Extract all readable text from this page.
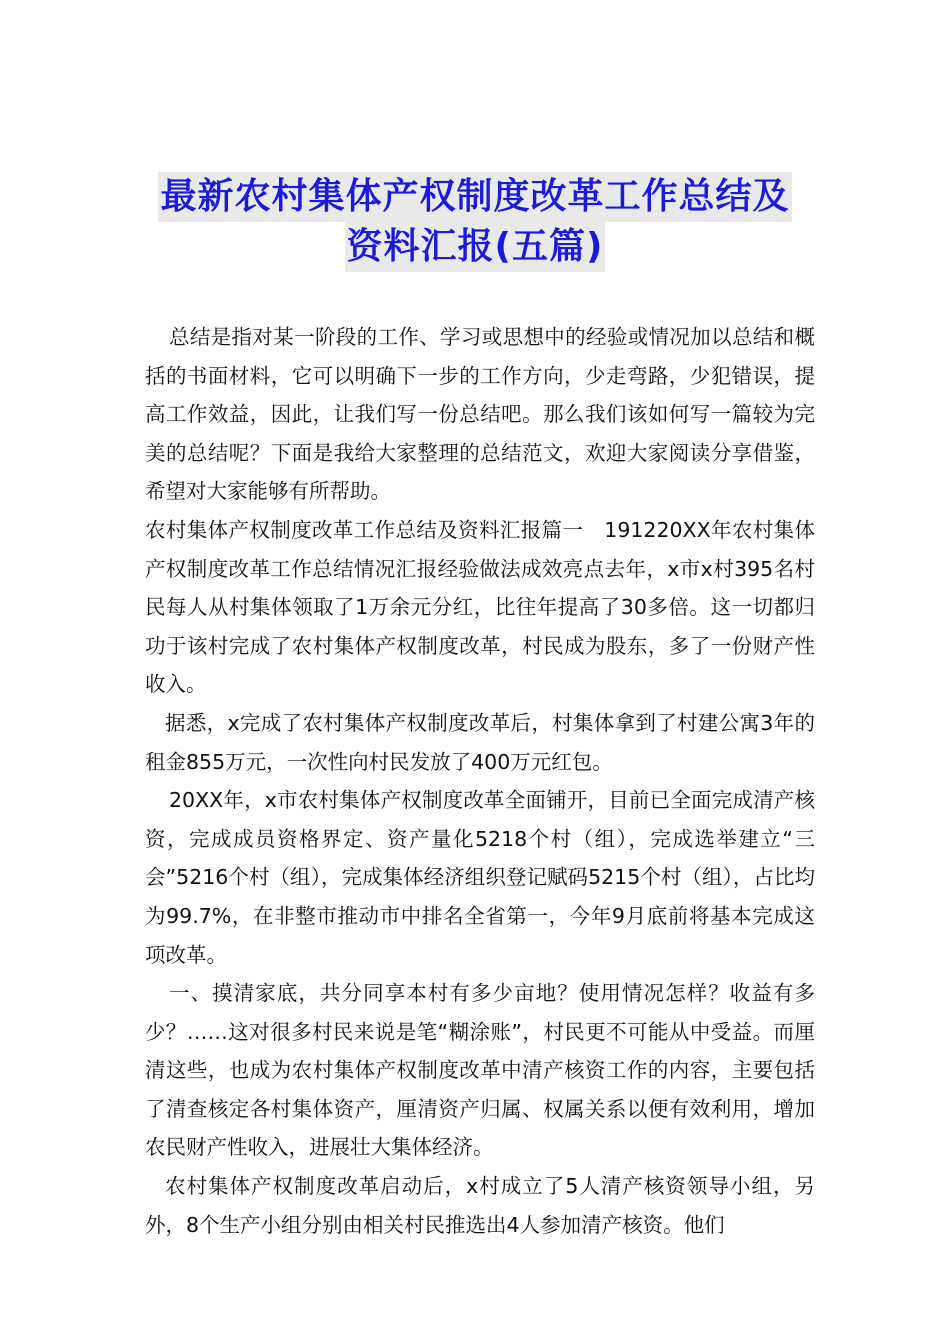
最新农村集体产权制度改革工作总结及
资料汇报(五篇)

总结是指对某一阶段的工作、学习或思想中的经验或情况加以总结和概括的书面材料，它可以明确下一步的工作方向，少走弯路，少犯错误，提高工作效益，因此，让我们写一份总结吧。那么我们该如何写一篇较为完美的总结呢？下面是我给大家整理的总结范文，欢迎大家阅读分享借鉴，希望对大家能够有所帮助。

农村集体产权制度改革工作总结及资料汇报篇一　191220XX年农村集体产权制度改革工作总结情况汇报经验做法成效亮点去年，x市x村395名村民每人从村集体领取了1万余元分红，比往年提高了30多倍。这一切都归功于该村完成了农村集体产权制度改革，村民成为股东，多了一份财产性收入。

据悉，x完成了农村集体产权制度改革后，村集体拿到了村建公寓3年的租金855万元，一次性向村民发放了400万元红包。

20XX年，x市农村集体产权制度改革全面铺开，目前已全面完成清产核资，完成成员资格界定、资产量化5218个村（组），完成选举建立“三会”5216个村（组），完成集体经济组织登记赋码5215个村（组），占比均为99.7%，在非整市推动市中排名全省第一，今年9月底前将基本完成这项改革。

一、摸清家底，共分同享本村有多少亩地？使用情况怎样？收益有多少？……这对很多村民来说是笔“糊涂账”，村民更不可能从中受益。而厘清这些，也成为农村集体产权制度改革中清产核资工作的内容，主要包括了清查核定各村集体资产，厘清资产归属、权属关系以便有效利用，增加农民财产性收入，进展壮大集体经济。

农村集体产权制度改革启动后，x村成立了5人清产核资领导小组，另外，8个生产小组分别由相关村民推选出4人参加清产核资。他们
